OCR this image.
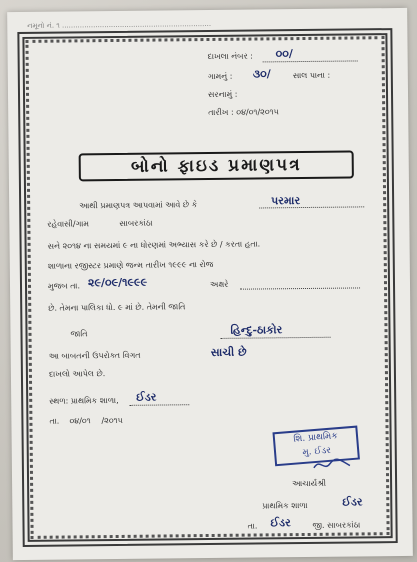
નમૂનો નં. ૧ ...................................................................
દાખલા નંબર : ૦૦/
ગામનું : ૩૦/	સાલ પાના :
સરનામું :
તારીખ : ૦૪/૦૧/૨૦૧૫
બોનો ફાઇડ પ્રમાણપત્ર
આથી પ્રમાણપત્ર આપવામાં આવે છે કે	પરમાર
રહેવાસી/ગામ	સાબરકાંઠા
સને ૨૦૧૪ ના સમયમાં ૯ ના ધોરણમાં અભ્યાસ કરે છે / કરતા હતા.
શાળાના રજીસ્ટર પ્રમાણે જન્મ તારીખ ૧૯૯૯ ના રોજ
મુજબ તા. ૨૯/૦૯/૧૯૯૯	અક્ષરે
છે. તેમના પાલિકા ધો. ૯ માં છે. તેમની જાતિ
જાતિ	હિન્દુ-ઠાકોર
આ બાબતની ઉપરોક્ત વિગત	સાચી છે
દાખલો આપેલ છે.
સ્થળ: પ્રાથમિક શાળા, ઈડર
તા. ૦૪/૦૧ /૨૦૧૫
શિ. પ્રાથમિક
મુ. ઈડર
આચાર્યશ્રી
પ્રાથમિક શાળા	ઈડર
તા. ઈડર	જી. સાબરકાંઠા
